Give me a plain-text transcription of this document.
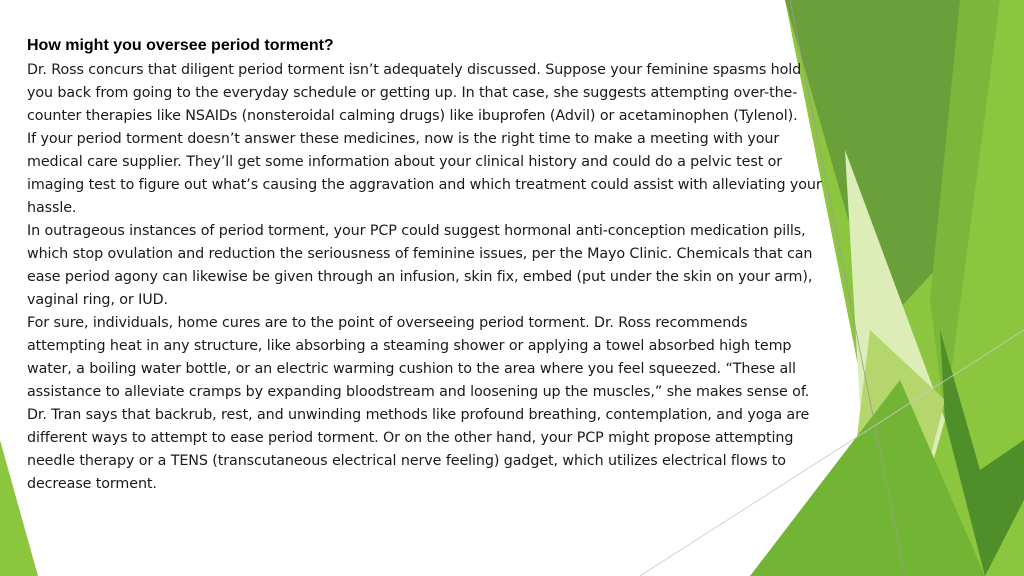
How might you oversee period torment?

Dr. Ross concurs that diligent period torment isn’t adequately discussed. Suppose your feminine spasms hold you back from going to the everyday schedule or getting up. In that case, she suggests attempting over-the-counter therapies like NSAIDs (nonsteroidal calming drugs) like ibuprofen (Advil) or acetaminophen (Tylenol).

If your period torment doesn’t answer these medicines, now is the right time to make a meeting with your medical care supplier. They’ll get some information about your clinical history and could do a pelvic test or imaging test to figure out what’s causing the aggravation and which treatment could assist with alleviating your hassle.

In outrageous instances of period torment, your PCP could suggest hormonal anti-conception medication pills, which stop ovulation and reduction the seriousness of feminine issues, per the Mayo Clinic. Chemicals that can ease period agony can likewise be given through an infusion, skin fix, embed (put under the skin on your arm), vaginal ring, or IUD.

For sure, individuals, home cures are to the point of overseeing period torment. Dr. Ross recommends attempting heat in any structure, like absorbing a steaming shower or applying a towel absorbed high temp water, a boiling water bottle, or an electric warming cushion to the area where you feel squeezed. “These all assistance to alleviate cramps by expanding bloodstream and loosening up the muscles,” she makes sense of.

Dr. Tran says that backrub, rest, and unwinding methods like profound breathing, contemplation, and yoga are different ways to attempt to ease period torment. Or on the other hand, your PCP might propose attempting needle therapy or a TENS (transcutaneous electrical nerve feeling) gadget, which utilizes electrical flows to decrease torment.
